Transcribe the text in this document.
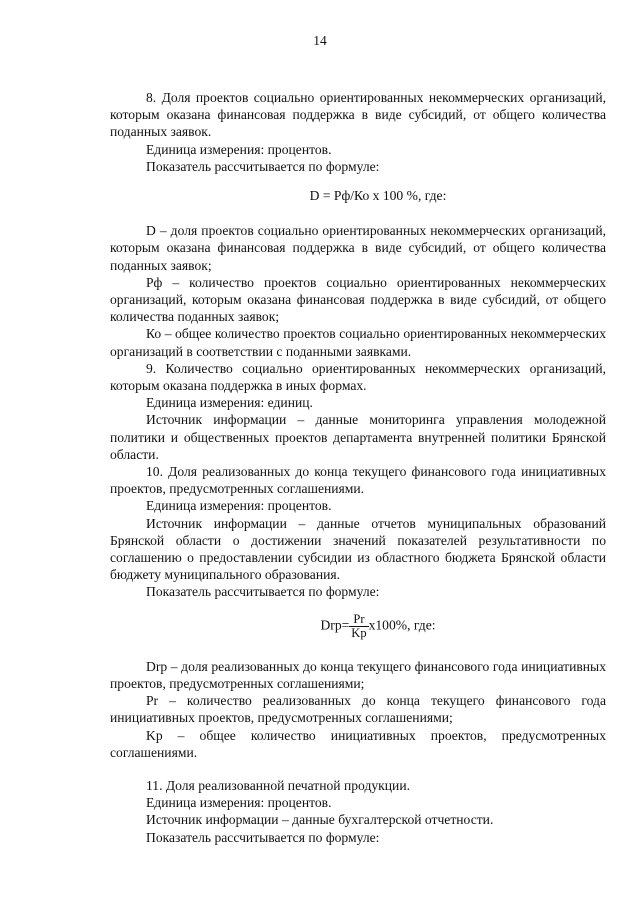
14

8. Доля проектов социально ориентированных некоммерческих организаций, которым оказана финансовая поддержка в виде субсидий, от общего количества поданных заявок.

Единица измерения: процентов.

Показатель рассчитывается по формуле:

D = Рф/Ко х 100 %, где:

D – доля проектов социально ориентированных некоммерческих организаций, которым оказана финансовая поддержка в виде субсидий, от общего количества поданных заявок;

Рф – количество проектов социально ориентированных некоммерческих организаций, которым оказана финансовая поддержка в виде субсидий, от общего количества поданных заявок;

Ко – общее количество проектов социально ориентированных некоммерческих организаций в соответствии с поданными заявками.

9. Количество социально ориентированных некоммерческих организаций, которым оказана поддержка в иных формах.

Единица измерения: единиц.

Источник информации – данные мониторинга управления молодежной политики и общественных проектов департамента внутренней политики Брянской области.

10. Доля реализованных до конца текущего финансового года инициативных проектов, предусмотренных соглашениями.

Единица измерения: процентов.

Источник информации – данные отчетов муниципальных образований Брянской области о достижении значений показателей результативности по соглашению о предоставлении субсидии из областного бюджета Брянской области бюджету муниципального образования.

Показатель рассчитывается по формуле:

$Drp= \frac{Pr}{Kp} x100\%$, где:

Drp – доля реализованных до конца текущего финансового года инициативных проектов, предусмотренных соглашениями;

Pr – количество реализованных до конца текущего финансового года инициативных проектов, предусмотренных соглашениями;

Kp – общее количество инициативных проектов, предусмотренных соглашениями.

11. Доля реализованной печатной продукции.

Единица измерения: процентов.

Источник информации – данные бухгалтерской отчетности.

Показатель рассчитывается по формуле:
